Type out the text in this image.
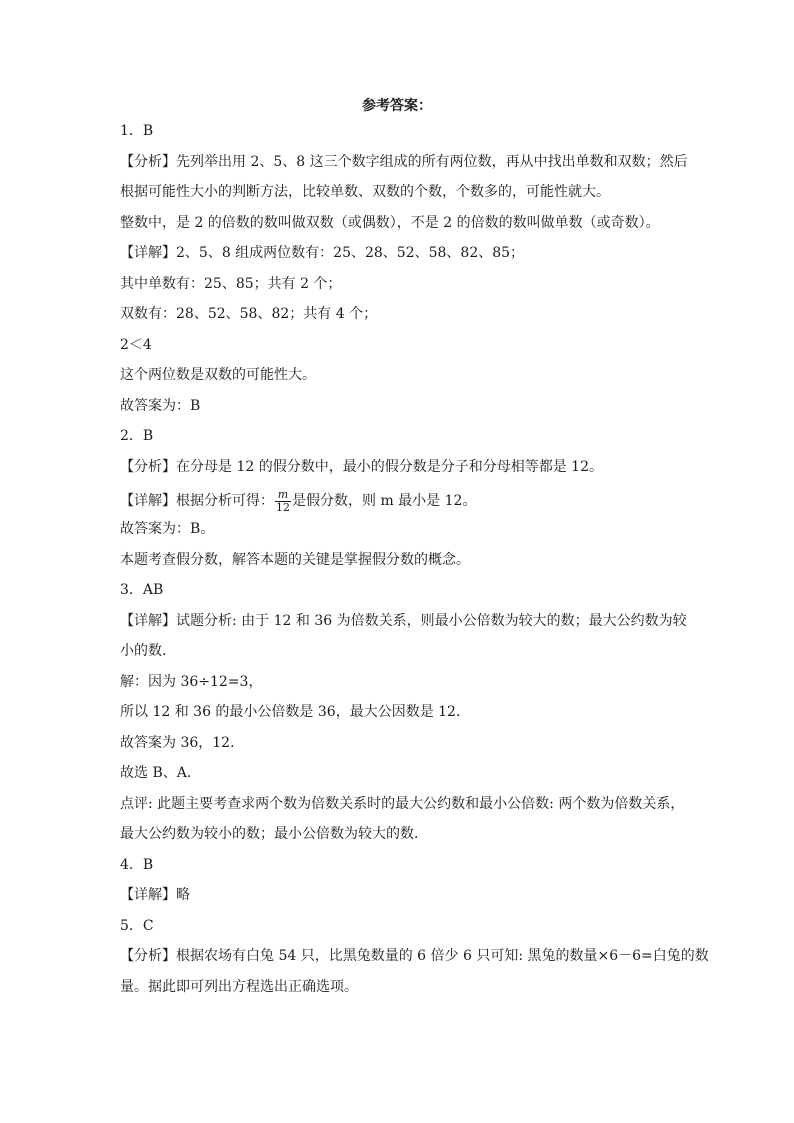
参考答案：
1．B
【分析】先列举出用 2、5、8 这三个数字组成的所有两位数，再从中找出单数和双数；然后
根据可能性大小的判断方法，比较单数、双数的个数，个数多的，可能性就大。
整数中，是 2 的倍数的数叫做双数（或偶数），不是 2 的倍数的数叫做单数（或奇数）。
【详解】2、5、8 组成两位数有：25、28、52、58、82、85；
其中单数有：25、85；共有 2 个；
双数有：28、52、58、82；共有 4 个；
2＜4
这个两位数是双数的可能性大。
故答案为：B
2．B
【分析】在分母是 12 的假分数中，最小的假分数是分子和分母相等都是 12。
【详解】根据分析可得： $\frac{m}{12}$ 是假分数，则 m 最小是 12。
故答案为：B。
本题考查假分数，解答本题的关键是掌握假分数的概念。
3．AB
【详解】试题分析: 由于 12 和 36 为倍数关系，则最小公倍数为较大的数；最大公约数为较
小的数.
解：因为 36÷12=3，
所以 12 和 36 的最小公倍数是 36，最大公因数是 12．
故答案为 36，12．
故选 B、A．
点评: 此题主要考查求两个数为倍数关系时的最大公约数和最小公倍数: 两个数为倍数关系，
最大公约数为较小的数；最小公倍数为较大的数．
4．B
【详解】略
5．C
【分析】根据农场有白兔 54 只，比黑兔数量的 6 倍少 6 只可知: 黑兔的数量×6－6=白兔的数
量。据此即可列出方程选出正确选项。
